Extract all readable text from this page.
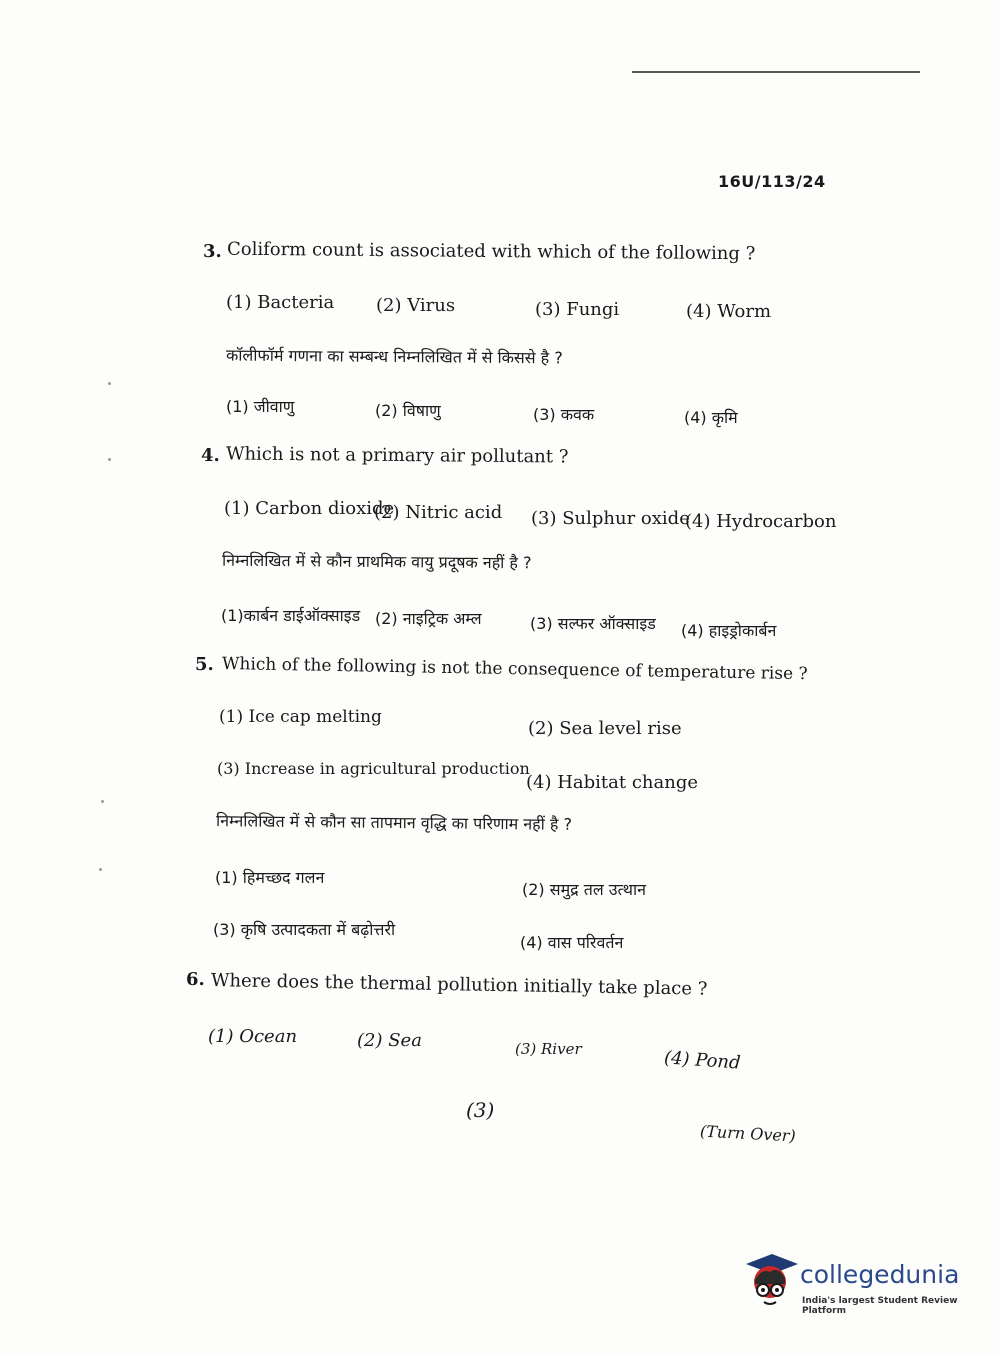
16U/113/24
3. Coliform count is associated with which of the following ?
(1) Bacteria (2) Virus	(3) Fungi	(4) Worm
कॉलीफॉर्म गणना का सम्बन्ध निम्नलिखित में से किससे है ?
(1) जीवाणु	(2) विषाणु	(3) कवक	(4) कृमि
4. Which is not a primary air pollutant ?
(1) Carbon dioxide
(2) Nitric acid (3) Sulphur oxide
(4) Hydrocarbon
निम्नलिखित में से कौन प्राथमिक वायु प्रदूषक नहीं है ?
(1)कार्बन डाईऑक्साइड (2) नाइट्रिक अम्ल	(3) सल्फर ऑक्साइड (4) हाइड्रोकार्बन
5. Which of the following is not the consequence of temperature rise ?
(1) Ice cap melting
(2) Sea level rise
(3) Increase in agricultural production
(4) Habitat change
निम्नलिखित में से कौन सा तापमान वृद्धि का परिणाम नहीं है ?
(1) हिमच्छद गलन
(2) समुद्र तल उत्थान
(3) कृषि उत्पादकता में बढ़ोत्तरी
(4) वास परिवर्तन
6. Where does the thermal pollution initially take place ?
(1) Ocean	(2) Sea	(3) River	(4) Pond
(3)
(Turn Over)
collegedunia
India's largest Student Review Platform
